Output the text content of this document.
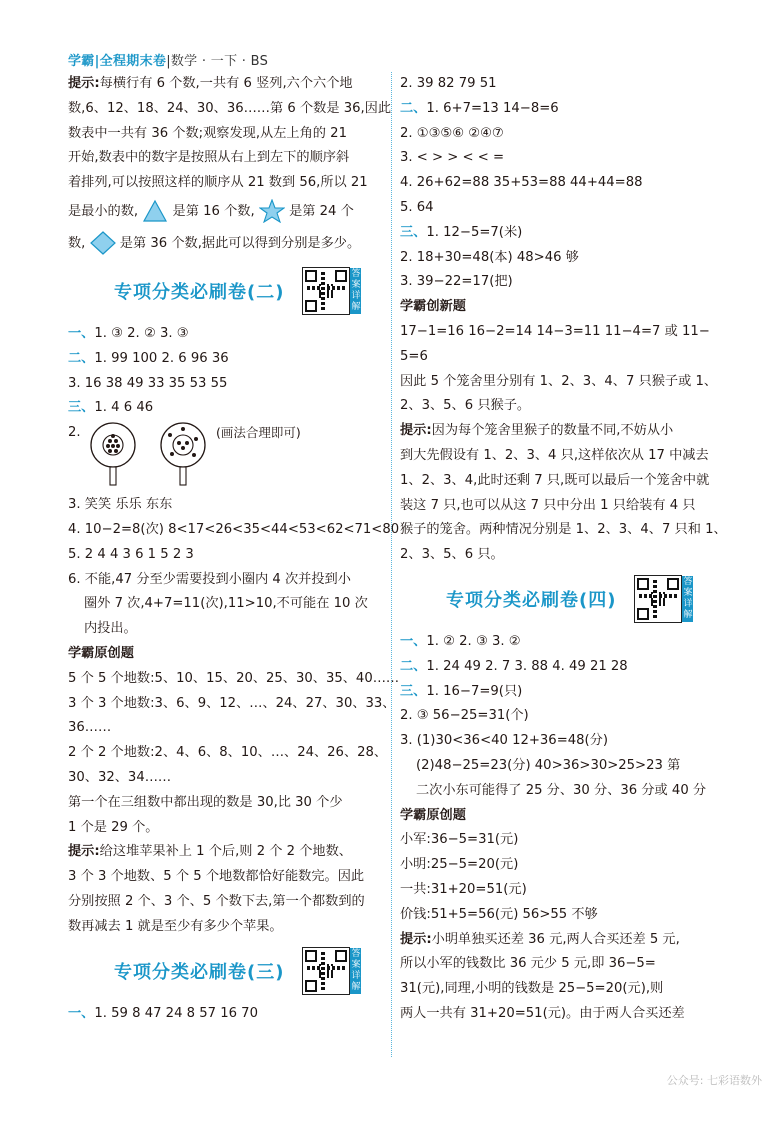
学霸|全程期末卷|数学 · 一下 · BS
提示:每横行有 6 个数,一共有 6 竖列,六个六个地
数,6、12、18、24、30、36……第 6 个数是 36,因此
数表中一共有 36 个数;观察发现,从左上角的 21
开始,数表中的数字是按照从右上到左下的顺序斜
着排列,可以按照这样的顺序从 21 数到 56,所以 21
是最小的数,	是第 16 个数,	是第 24 个
数,	是第 36 个数,据此可以得到分别是多少。
专项分类必刷卷(二)
答案详解
一、1. ③ 2. ② 3. ③
二、1. 99 100 2. 6 96 36
3. 16 38 49 33 35 53 55
三、1. 4 6 46
2.	(画法合理即可)
3. 笑笑 乐乐 东东
4. 10−2=8(次) 8<17<26<35<44<53<62<71<80
5. 2 4 4 3 6 1 5 2 3
6. 不能,47 分至少需要投到小圈内 4 次并投到小
圈外 7 次,4+7=11(次),11>10,不可能在 10 次
内投出。
学霸原创题
5 个 5 个地数:5、10、15、20、25、30、35、40……
3 个 3 个地数:3、6、9、12、…、24、27、30、33、
36……
2 个 2 个地数:2、4、6、8、10、…、24、26、28、
30、32、34……
第一个在三组数中都出现的数是 30,比 30 个少
1 个是 29 个。
提示:给这堆苹果补上 1 个后,则 2 个 2 个地数、
3 个 3 个地数、5 个 5 个地数都恰好能数完。因此
分别按照 2 个、3 个、5 个数下去,第一个都数到的
数再减去 1 就是至少有多少个苹果。
专项分类必刷卷(三)
答案详解
一、1. 59 8 47 24 8 57 16 70
2. 39 82 79 51
二、1. 6+7=13 14−8=6
2. ①③⑤⑥ ②④⑦
3. < > > < < =
4. 26+62=88 35+53=88 44+44=88
5. 64
三、1. 12−5=7(米)
2. 18+30=48(本) 48>46 够
3. 39−22=17(把)
学霸创新题
17−1=16 16−2=14 14−3=11 11−4=7 或 11−
5=6
因此 5 个笼舍里分别有 1、2、3、4、7 只猴子或 1、
2、3、5、6 只猴子。
提示:因为每个笼舍里猴子的数量不同,不妨从小
到大先假设有 1、2、3、4 只,这样依次从 17 中减去
1、2、3、4,此时还剩 7 只,既可以最后一个笼舍中就
装这 7 只,也可以从这 7 只中分出 1 只给装有 4 只
猴子的笼舍。两种情况分别是 1、2、3、4、7 只和 1、
2、3、5、6 只。
专项分类必刷卷(四)
答案详解
一、1. ② 2. ③ 3. ②
二、1. 24 49 2. 7 3. 88 4. 49 21 28
三、1. 16−7=9(只)
2. ③ 56−25=31(个)
3. (1)30<36<40 12+36=48(分)
(2)48−25=23(分) 40>36>30>25>23 第
二次小东可能得了 25 分、30 分、36 分或 40 分
学霸原创题
小军:36−5=31(元)
小明:25−5=20(元)
一共:31+20=51(元)
价钱:51+5=56(元) 56>55 不够
提示:小明单独买还差 36 元,两人合买还差 5 元,
所以小军的钱数比 36 元少 5 元,即 36−5=
31(元),同理,小明的钱数是 25−5=20(元),则
两人一共有 31+20=51(元)。由于两人合买还差
公众号: 七彩语数外
